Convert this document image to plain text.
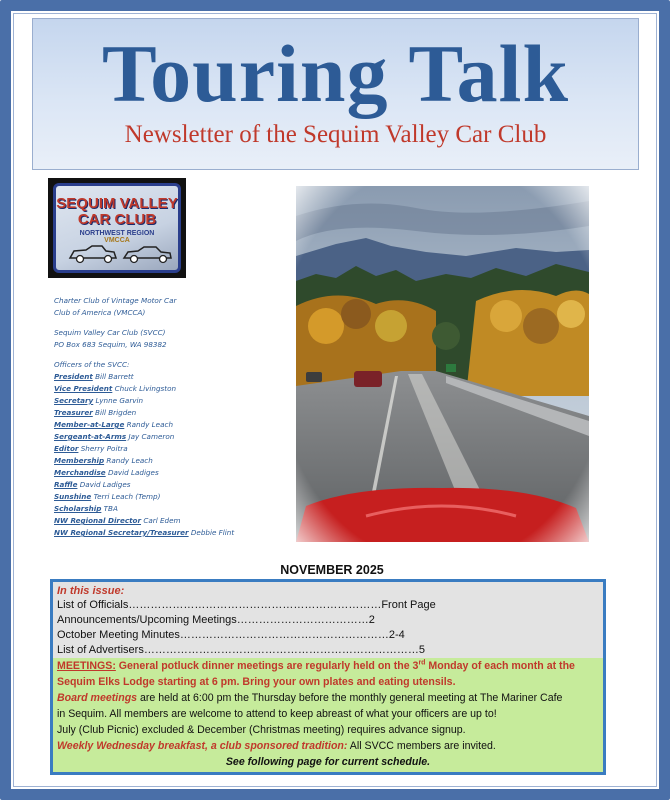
Touring Talk
Newsletter of the Sequim Valley Car Club
SEQUIM VALLEY
CAR CLUB
NORTHWEST REGION
VMCCA
Charter Club of Vintage Motor Car
Club of America (VMCCA)
Sequim Valley Car Club (SVCC)
PO Box 683 Sequim, WA 98382
Officers of the SVCC:
President Bill Barrett
Vice President Chuck Livingston
Secretary Lynne Garvin
Treasurer Bill Brigden
Member-at-Large Randy Leach
Sergeant-at-Arms Jay Cameron
Editor Sherry Poitra
Membership Randy Leach
Merchandise David Ladiges
Raffle David Ladiges
Sunshine Terri Leach (Temp)
Scholarship TBA
NW Regional Director Carl Edem
NW Regional Secretary/Treasurer Debbie Flint
NOVEMBER 2025
In this issue:
List of Officials……………………………………………………………Front Page
Announcements/Upcoming Meetings………………………………2
October Meeting Minutes…………………………………………………2-4
List of Advertisers…………………………………………………………………5

MEETINGS: General potluck dinner meetings are regularly held on the 3rd Monday of each month at the

Sequim Elks Lodge starting at 6 pm. Bring your own plates and eating utensils.

Board meetings are held at 6:00 pm the Thursday before the monthly general meeting at The Mariner Cafe

in Sequim. All members are welcome to attend to keep abreast of what your officers are up to!

July (Club Picnic) excluded & December (Christmas meeting) requires advance signup.

Weekly Wednesday breakfast, a club sponsored tradition: All SVCC members are invited.

See following page for current schedule.
